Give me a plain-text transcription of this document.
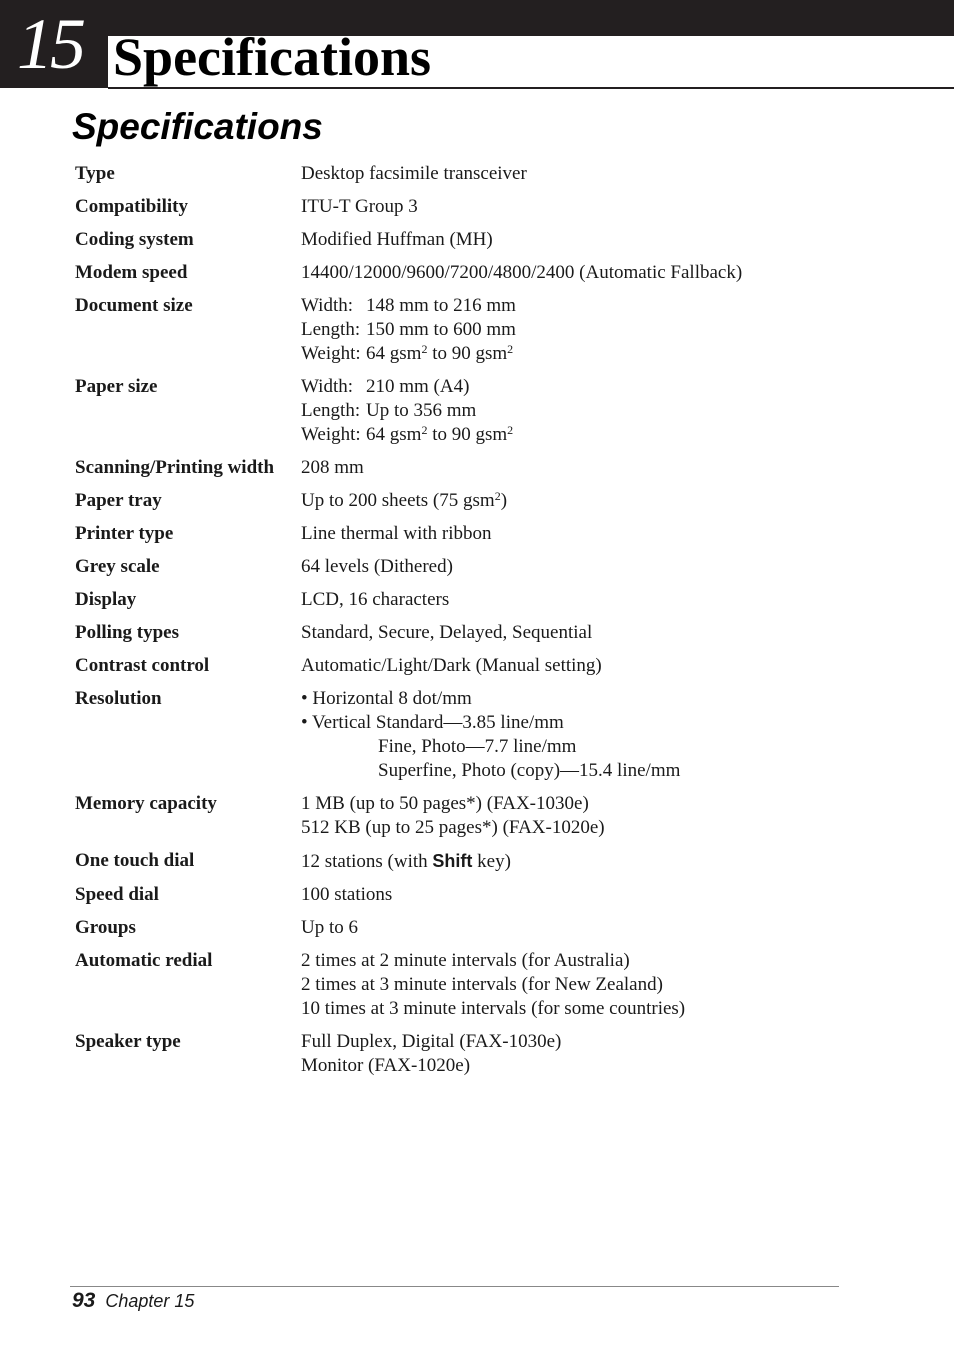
15 Specifications
Specifications
Type	Desktop facsimile transceiver
Compatibility	ITU-T Group 3
Coding system	Modified Huffman (MH)
Modem speed	14400/12000/9600/7200/4800/2400 (Automatic Fallback)
Document size	Width: 148 mm to 216 mm
Length: 150 mm to 600 mm
Weight: 64 gsm$^2$ to 90 gsm$^2$
Paper size	Width: 210 mm (A4)
Length: Up to 356 mm
Weight: 64 gsm$^2$ to 90 gsm$^2$
Scanning/Printing width	208 mm
Paper tray	Up to 200 sheets (75 gsm$^2$)
Printer type	Line thermal with ribbon
Grey scale	64 levels (Dithered)
Display	LCD, 16 characters
Polling types	Standard, Secure, Delayed, Sequential
Contrast control	Automatic/Light/Dark (Manual setting)
Resolution	• Horizontal 8 dot/mm
• Vertical Standard—3.85 line/mm
Fine, Photo—7.7 line/mm
Superfine, Photo (copy)—15.4 line/mm
Memory capacity	1 MB (up to 50 pages*) (FAX-1030e)
512 KB (up to 25 pages*) (FAX-1020e)
One touch dial	12 stations (with Shift key)
Speed dial	100 stations
Groups	Up to 6
Automatic redial	2 times at 2 minute intervals (for Australia)
2 times at 3 minute intervals (for New Zealand)
10 times at 3 minute intervals (for some countries)
Speaker type	Full Duplex, Digital (FAX-1030e)
Monitor (FAX-1020e)
93 Chapter 15
